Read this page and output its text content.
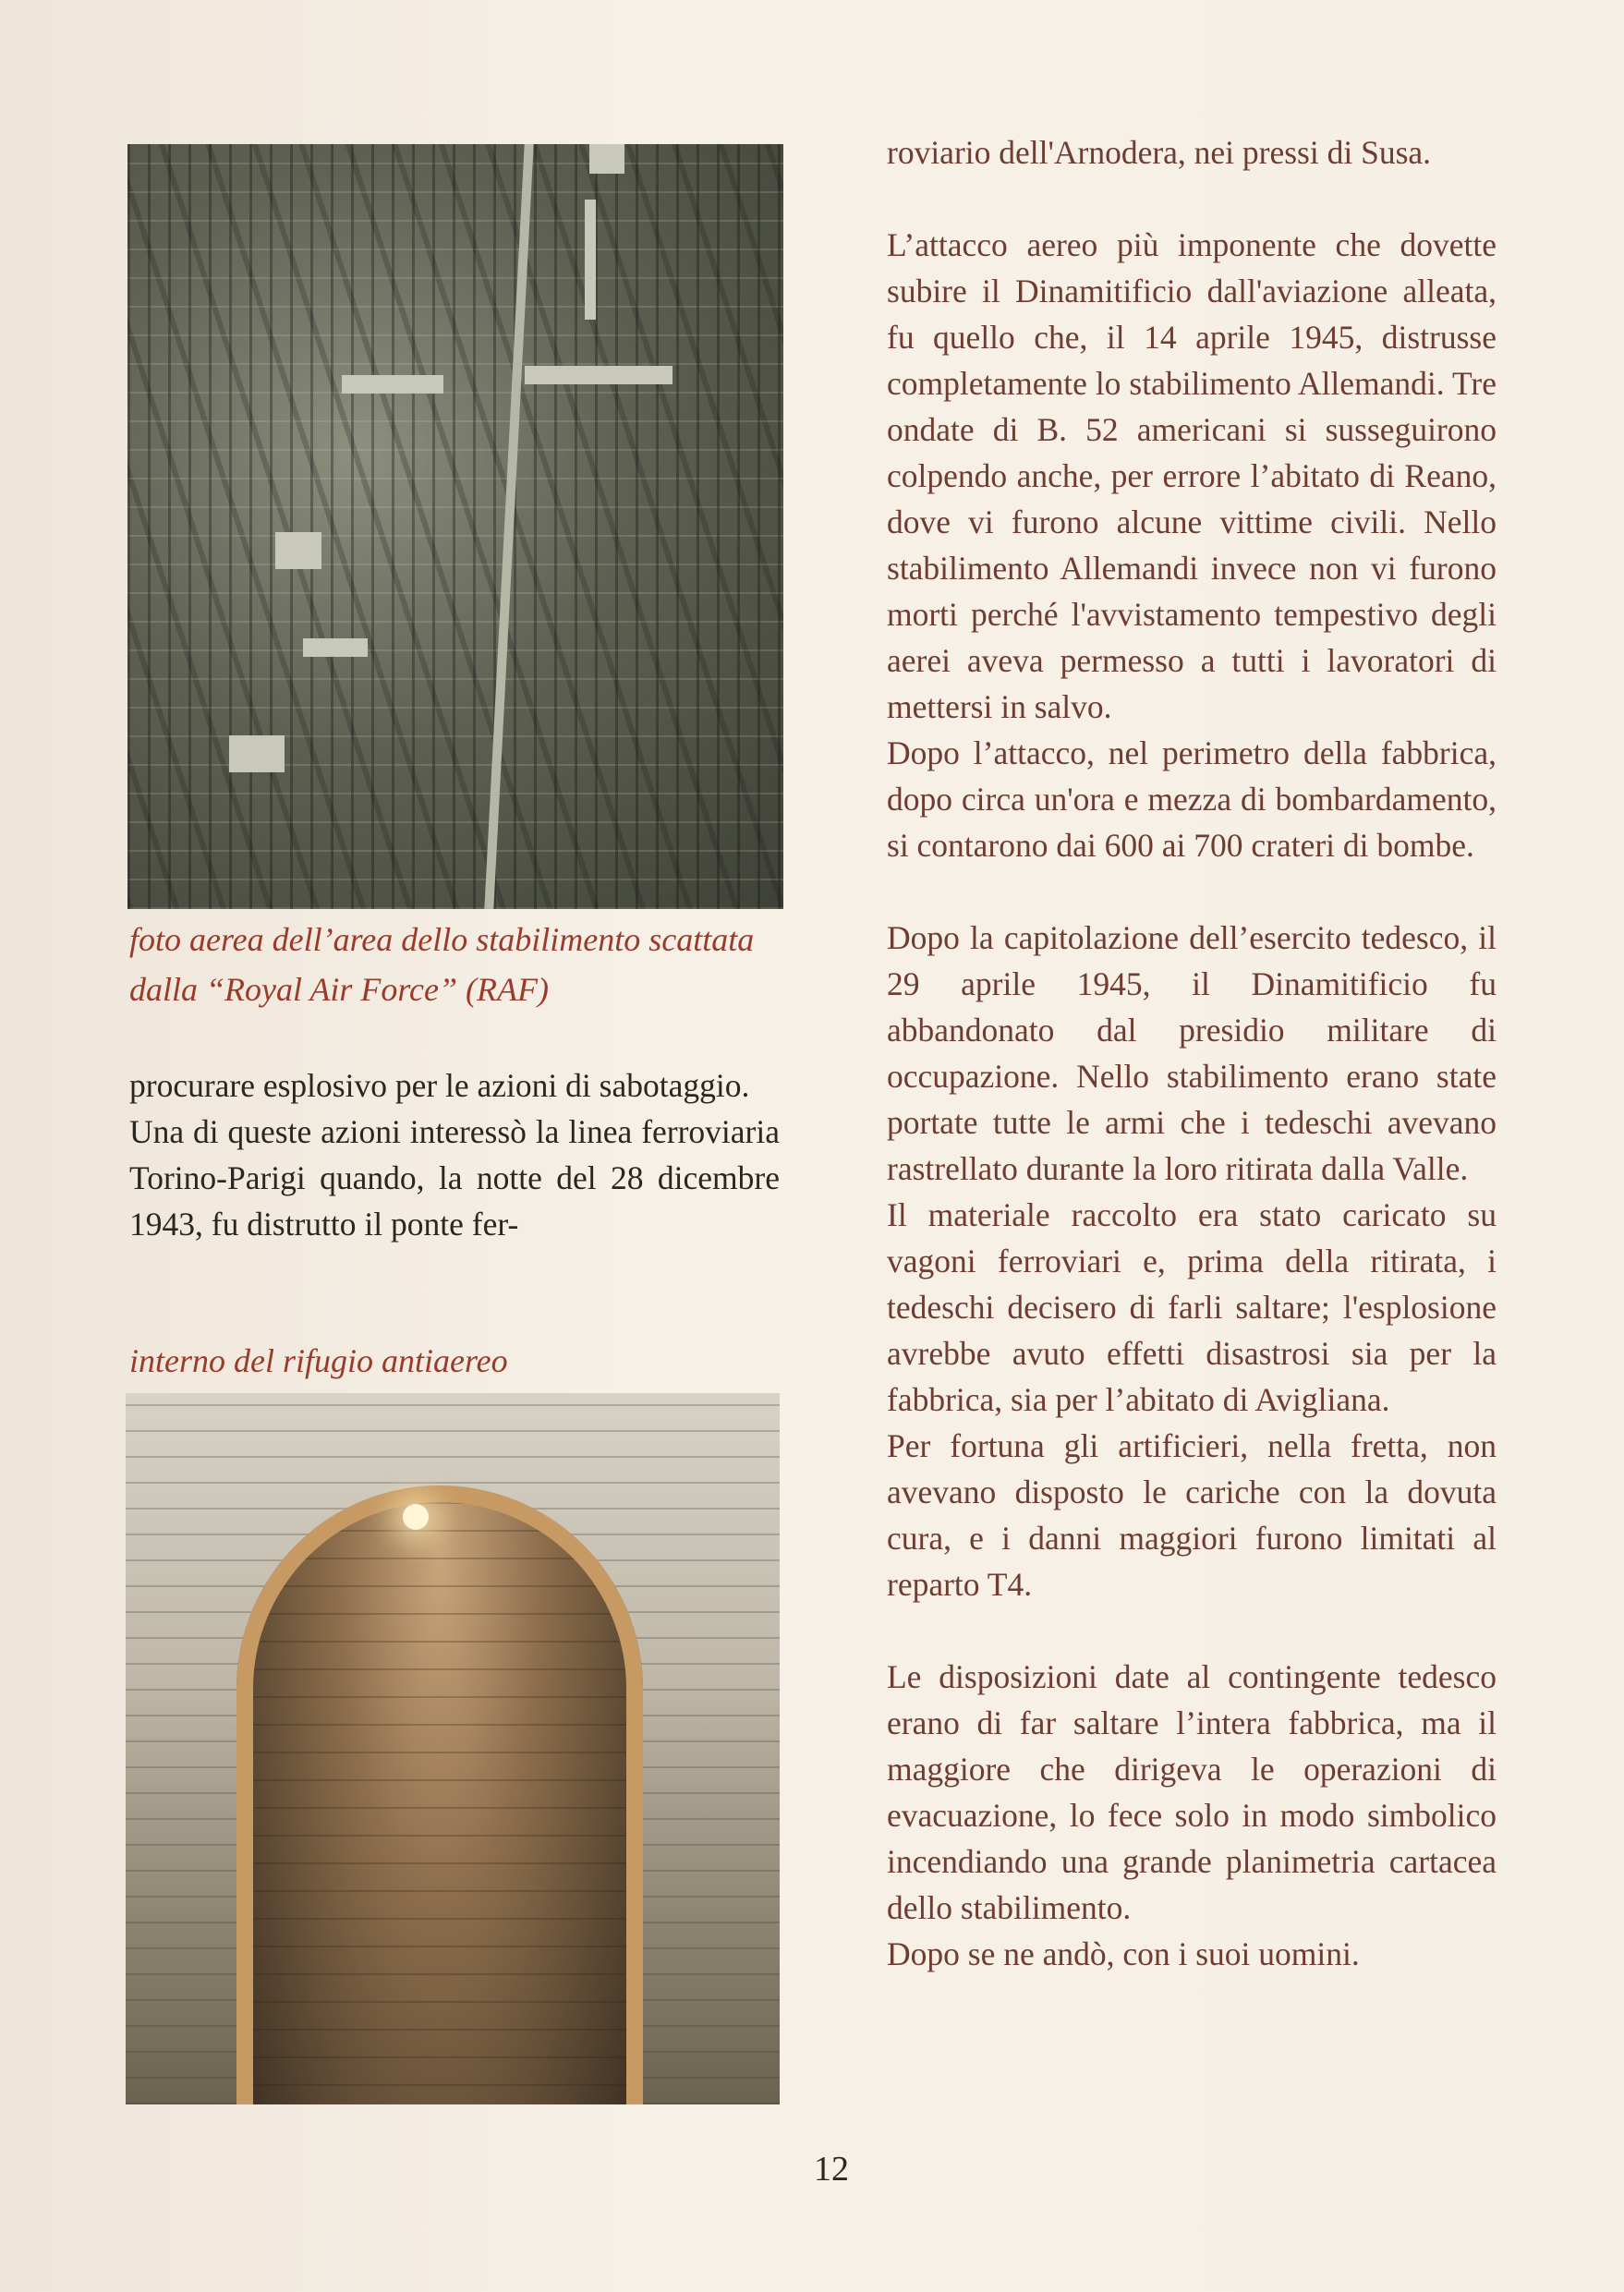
foto aerea dell’area dello stabilimento scattata
dalla “Royal Air Force” (RAF)

procurare esplosivo per le azioni di sabotaggio.

Una di queste azioni interessò la linea ferroviaria Torino-Parigi quando, la notte del 28 dicembre 1943, fu distrutto il ponte fer-

interno del rifugio antiaereo

roviario dell'Arnodera, nei pressi di Susa.

L’attacco aereo più imponente che dovette subire il Dinamitificio dall'aviazione alleata, fu quello che, il 14 aprile 1945, distrusse completamente lo stabilimento Allemandi. Tre ondate di B. 52 americani si susseguirono colpendo anche, per errore l’abitato di Reano, dove vi furono alcune vittime civili. Nello stabilimento Allemandi invece non vi furono morti perché l'avvistamento tempestivo degli aerei aveva permesso a tutti i lavoratori di mettersi in salvo.

Dopo l’attacco, nel perimetro della fabbrica, dopo circa un'ora e mezza di bombardamento, si contarono dai 600 ai 700 crateri di bombe.

Dopo la capitolazione dell’esercito tedesco, il 29 aprile 1945, il Dinamitificio fu abbandonato dal presidio militare di occupazione. Nello stabilimento erano state portate tutte le armi che i tedeschi avevano rastrellato durante la loro ritirata dalla Valle.

Il materiale raccolto era stato caricato su vagoni ferroviari e, prima della ritirata, i tedeschi decisero di farli saltare; l'esplosione avrebbe avuto effetti disastrosi sia per la fabbrica, sia per l’abitato di Avigliana.

Per fortuna gli artificieri, nella fretta, non avevano disposto le cariche con la dovuta cura, e i danni maggiori furono limitati al reparto T4.

Le disposizioni date al contingente tedesco erano di far saltare l’intera fabbrica, ma il maggiore che dirigeva le operazioni di evacuazione, lo fece solo in modo simbolico incendiando una grande planimetria cartacea dello stabilimento.

Dopo se ne andò, con i suoi uomini.

12
